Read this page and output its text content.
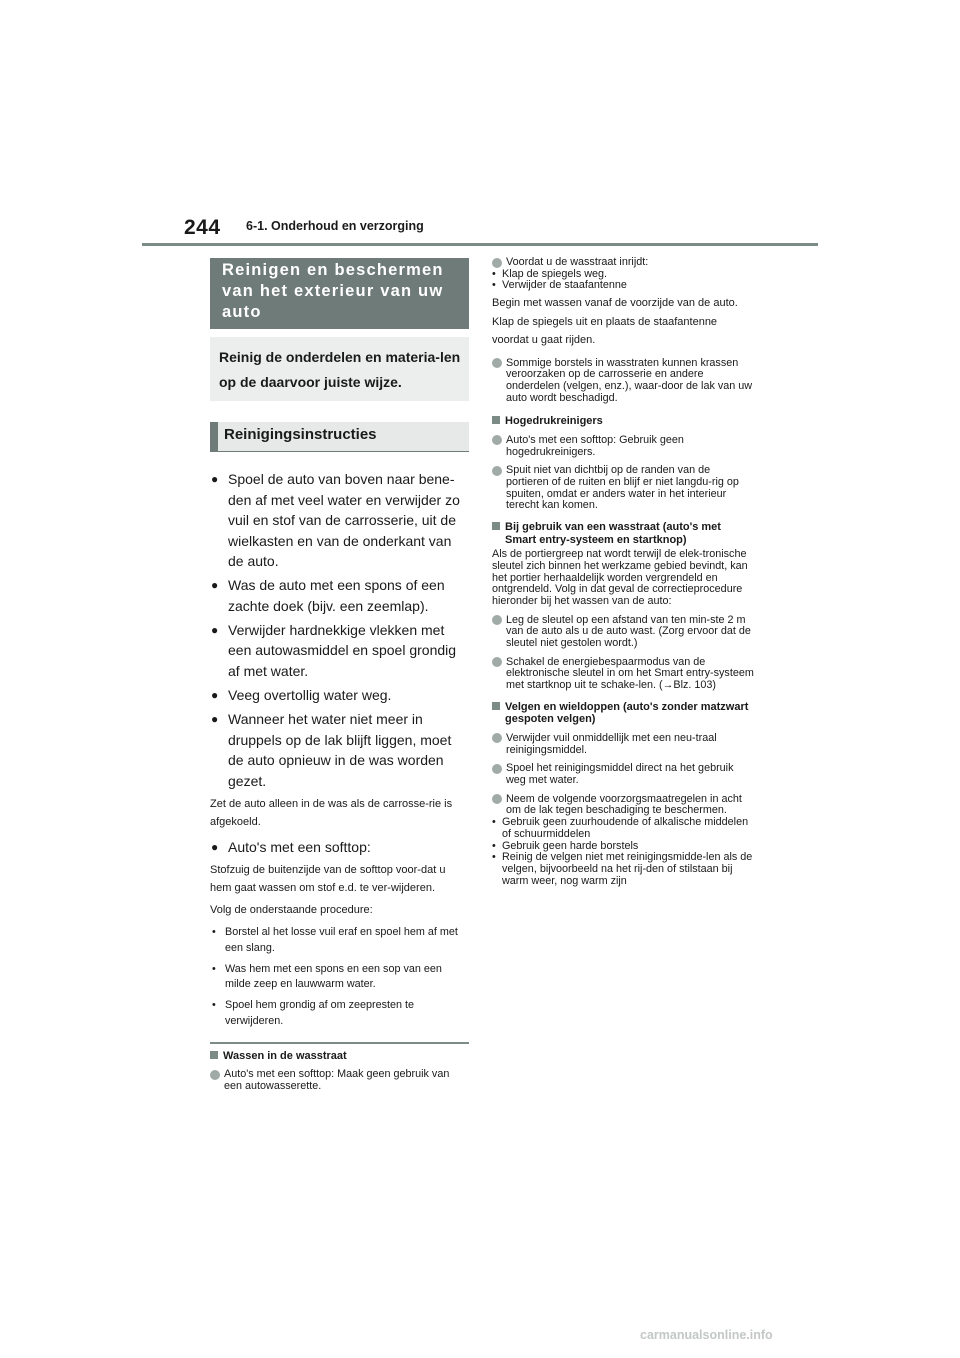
244 6-1. Onderhoud en verzorging
Reinigen en beschermen van het exterieur van uw auto
Reinig de onderdelen en materia-len op de daarvoor juiste wijze.
Reinigingsinstructies
● Spoel de auto van boven naar bene-den af met veel water en verwijder zo vuil en stof van de carrosserie, uit de wielkasten en van de onderkant van de auto.
● Was de auto met een spons of een zachte doek (bijv. een zeemlap).
● Verwijder hardnekkige vlekken met een autowasmiddel en spoel grondig af met water.
● Veeg overtollig water weg.
● Wanneer het water niet meer in druppels op de lak blijft liggen, moet de auto opnieuw in de was worden gezet.
Zet de auto alleen in de was als de carrosse-rie is afgekoeld.
● Auto's met een softtop:
Stofzuig de buitenzijde van de softtop voor-dat u hem gaat wassen om stof e.d. te ver-wijderen.
Volg de onderstaande procedure:
• Borstel al het losse vuil eraf en spoel hem af met een slang.
• Was hem met een spons en een sop van een milde zeep en lauwwarm water.
• Spoel hem grondig af om zeepresten te verwijderen.
Wassen in de wasstraat
Auto's met een softtop: Maak geen gebruik van een autowasserette.
Voordat u de wasstraat inrijdt:
• Klap de spiegels weg.
• Verwijder de staafantenne
Begin met wassen vanaf de voorzijde van de auto. Klap de spiegels uit en plaats de staafantenne voordat u gaat rijden.
Sommige borstels in wasstraten kunnen krassen veroorzaken op de carrosserie en andere onderdelen (velgen, enz.), waar-door de lak van uw auto wordt beschadigd.
Hogedrukreinigers
Auto's met een softtop: Gebruik geen hogedrukreinigers.
Spuit niet van dichtbij op de randen van de portieren of de ruiten en blijf er niet langdu-rig op spuiten, omdat er anders water in het interieur terecht kan komen.
Bij gebruik van een wasstraat (auto's met Smart entry-systeem en startknop)
Als de portiergreep nat wordt terwijl de elek-tronische sleutel zich binnen het werkzame gebied bevindt, kan het portier herhaaldelijk worden vergrendeld en ontgrendeld. Volg in dat geval de correctieprocedure hieronder bij het wassen van de auto:
Leg de sleutel op een afstand van ten min-ste 2 m van de auto als u de auto wast. (Zorg ervoor dat de sleutel niet gestolen wordt.)
Schakel de energiebespaarmodus van de elektronische sleutel in om het Smart entry-systeem met startknop uit te schake-len. (→Blz. 103)
Velgen en wieldoppen (auto's zonder matzwart gespoten velgen)
Verwijder vuil onmiddellijk met een neu-traal reinigingsmiddel.
Spoel het reinigingsmiddel direct na het gebruik weg met water.
Neem de volgende voorzorgsmaatregelen in acht om de lak tegen beschadiging te beschermen.
• Gebruik geen zuurhoudende of alkalische middelen of schuurmiddelen
• Gebruik geen harde borstels
• Reinig de velgen niet met reinigingsmidde-len als de velgen, bijvoorbeeld na het rij-den of stilstaan bij warm weer, nog warm zijn
carmanualsonline.info
